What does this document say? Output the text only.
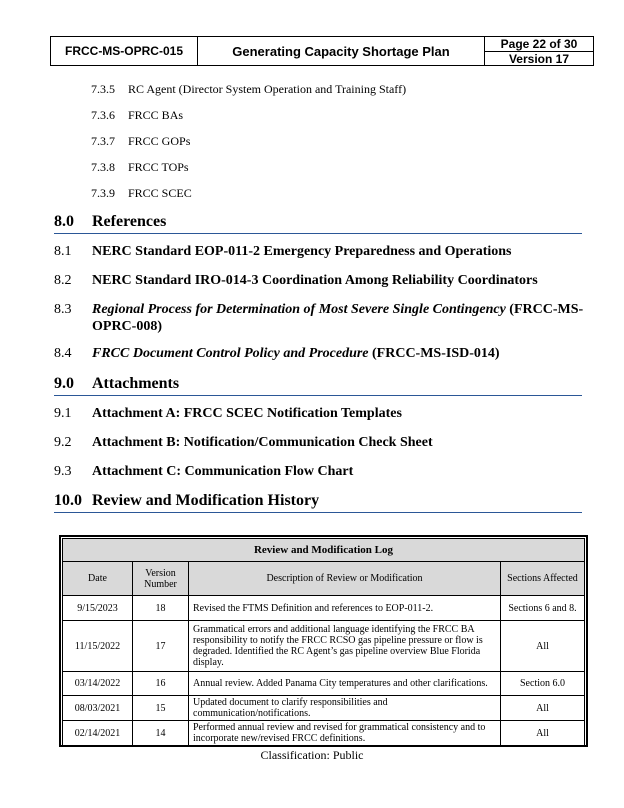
FRCC-MS-OPRC-015	Generating Capacity Shortage Plan	Page 22 of 30
Version 17
7.3.5 RC Agent (Director System Operation and Training Staff)
7.3.6 FRCC BAs
7.3.7 FRCC GOPs
7.3.8 FRCC TOPs
7.3.9 FRCC SCEC
8.0 References
8.1 NERC Standard EOP-011-2 Emergency Preparedness and Operations
8.2 NERC Standard IRO-014-3 Coordination Among Reliability Coordinators
8.3 Regional Process for Determination of Most Severe Single Contingency (FRCC-MS-
OPRC-008)
8.4 FRCC Document Control Policy and Procedure (FRCC-MS-ISD-014)
9.0 Attachments
9.1 Attachment A: FRCC SCEC Notification Templates
9.2 Attachment B: Notification/Communication Check Sheet
9.3 Attachment C: Communication Flow Chart
10.0 Review and Modification History
Review and Modification Log			
Date	Version Number	Description of Review or Modification	Sections Affected
9/15/2023	18	Revised the FTMS Definition and references to EOP-011-2.	Sections 6 and 8.
11/15/2022	17	Grammatical errors and additional language identifying the FRCC BA responsibility to notify the FRCC RCSO gas pipeline pressure or flow is degraded. Identified the RC Agent’s gas pipeline overview Blue Florida display.	All
03/14/2022	16	Annual review. Added Panama City temperatures and other clarifications.	Section 6.0
08/03/2021	15	Updated document to clarify responsibilities and communication/notifications.	All
02/14/2021	14	Performed annual review and revised for grammatical consistency and to incorporate new/revised FRCC definitions.	All
Classification: Public
